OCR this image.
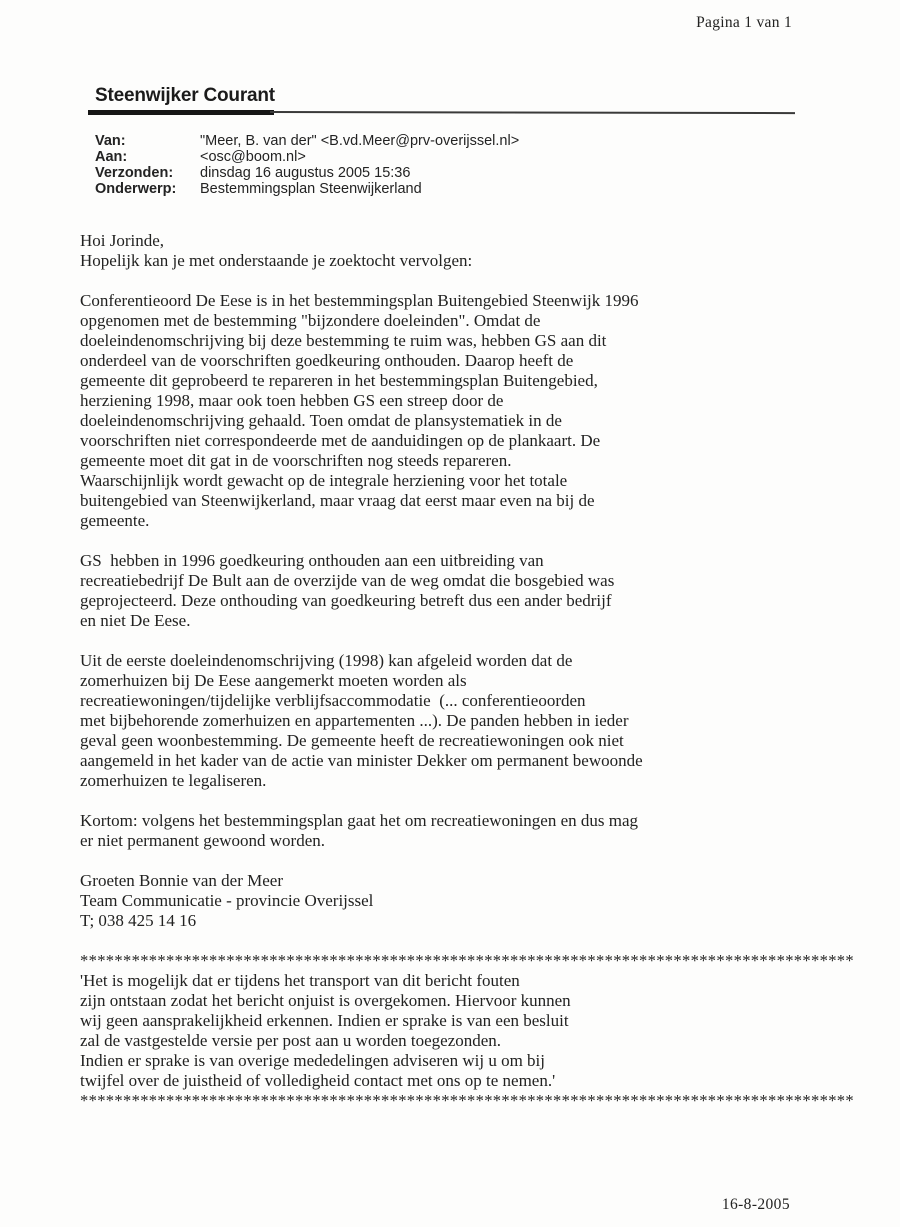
Pagina 1 van 1
Steenwijker Courant
Van:	"Meer, B. van der" <B.vd.Meer@prv-overijssel.nl>
Aan:	<osc@boom.nl>
Verzonden:	dinsdag 16 augustus 2005 15:36
Onderwerp:	Bestemmingsplan Steenwijkerland
Hoi Jorinde,
Hopelijk kan je met onderstaande je zoektocht vervolgen:
Conferentieoord De Eese is in het bestemmingsplan Buitengebied Steenwijk 1996
opgenomen met de bestemming "bijzondere doeleinden". Omdat de
doeleindenomschrijving bij deze bestemming te ruim was, hebben GS aan dit
onderdeel van de voorschriften goedkeuring onthouden. Daarop heeft de
gemeente dit geprobeerd te repareren in het bestemmingsplan Buitengebied,
herziening 1998, maar ook toen hebben GS een streep door de
doeleindenomschrijving gehaald. Toen omdat de plansystematiek in de
voorschriften niet correspondeerde met de aanduidingen op de plankaart. De
gemeente moet dit gat in de voorschriften nog steeds repareren.
Waarschijnlijk wordt gewacht op de integrale herziening voor het totale
buitengebied van Steenwijkerland, maar vraag dat eerst maar even na bij de
gemeente.
GS  hebben in 1996 goedkeuring onthouden aan een uitbreiding van
recreatiebedrijf De Bult aan de overzijde van de weg omdat die bosgebied was
geprojecteerd. Deze onthouding van goedkeuring betreft dus een ander bedrijf
en niet De Eese.
Uit de eerste doeleindenomschrijving (1998) kan afgeleid worden dat de
zomerhuizen bij De Eese aangemerkt moeten worden als
recreatiewoningen/tijdelijke verblijfsaccommodatie  (... conferentieoorden
met bijbehorende zomerhuizen en appartementen ...). De panden hebben in ieder
geval geen woonbestemming. De gemeente heeft de recreatiewoningen ook niet
aangemeld in het kader van de actie van minister Dekker om permanent bewoonde
zomerhuizen te legaliseren.
Kortom: volgens het bestemmingsplan gaat het om recreatiewoningen en dus mag
er niet permanent gewoond worden.
Groeten Bonnie van der Meer
Team Communicatie - provincie Overijssel
T; 038 425 14 16
******************************************************************************************
'Het is mogelijk dat er tijdens het transport van dit bericht fouten
zijn ontstaan zodat het bericht onjuist is overgekomen. Hiervoor kunnen
wij geen aansprakelijkheid erkennen. Indien er sprake is van een besluit
zal de vastgestelde versie per post aan u worden toegezonden.
Indien er sprake is van overige mededelingen adviseren wij u om bij
twijfel over de juistheid of volledigheid contact met ons op te nemen.'
******************************************************************************************
16-8-2005
